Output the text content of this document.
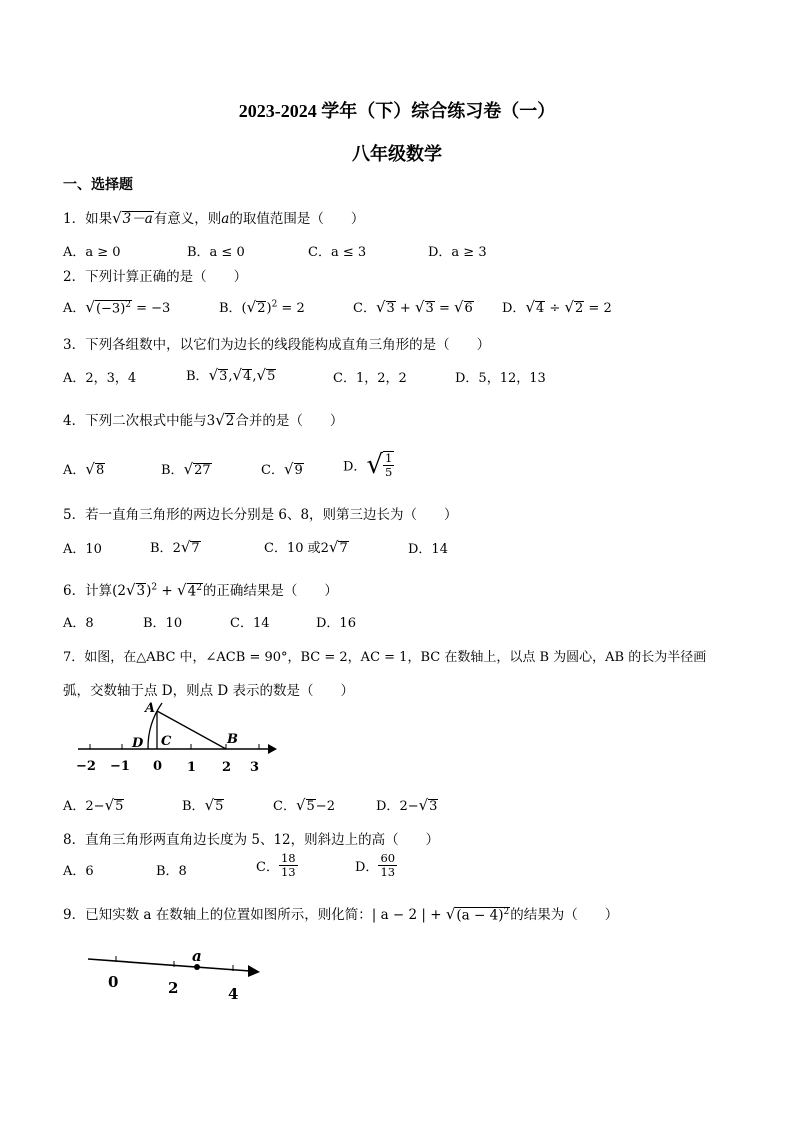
2023-2024 学年（下）综合练习卷（一）
八年级数学
一、选择题
1．如果√3－a有意义，则a的取值范围是（　　）
A．a ≥ 0	B．a ≤ 0	C．a ≤ 3	D．a ≥ 3
2．下列计算正确的是（　　）
A．$√(-3)^2 = -3$	B．$(√2)^2 = 2$	C．√3 + √3 = √6 D．√4 ÷ √2 = 2
3．下列各组数中，以它们为边长的线段能构成直角三角形的是（　　）
A．2，3，4	B．√3,√4,√5	C．1，2，2	D．5，12，13
4．下列二次根式中能与3√2合并的是（　　）
A．√8	B．√27	C．√9	D．√ $\frac{1}{5}$
5．若一直角三角形的两边长分别是 6、8，则第三边长为（　　）
A．10	B．2√7	C．10 或2√7	D．14
6．计算$(2√3)^2 + √4^2$的正确结果是（　　）
A．8	B．10	C．14	D．16
7．如图，在△ABC 中，∠ACB = 90°，BC = 2，AC = 1，BC 在数轴上，以点 B 为圆心，AB 的长为半径画
弧，交数轴于点 D，则点 D 表示的数是（　　）
A
D C	B
−2 −1 0 1 2 3
A．2−√5	B．√5	C．√5−2	D．2−√3
8．直角三角形两直角边长度为 5、12，则斜边上的高（　　）
A．6	B．8	C． $\frac{18}{13}$	D． $\frac{60}{13}$
9．已知实数 a 在数轴上的位置如图所示，则化简：| a − 2 | + $√(a - 4)^2$的结果为（　　）
a
0	2	4
